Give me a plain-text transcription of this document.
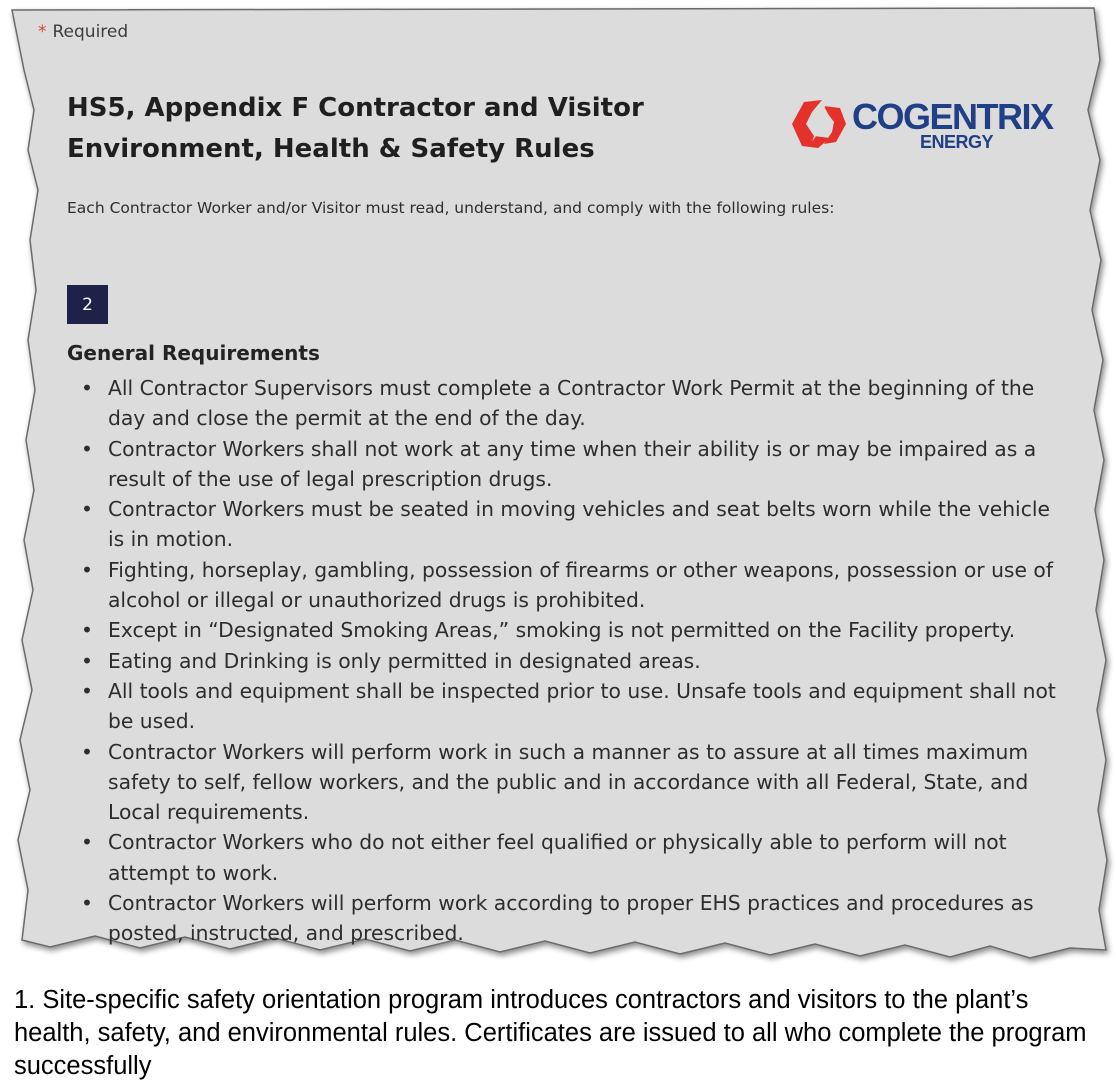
* Required
HS5, Appendix F Contractor and Visitor
Environment, Health & Safety Rules
COGENTRIX
ENERGY
Each Contractor Worker and/or Visitor must read, understand, and comply with the following rules:
2
General Requirements
• All Contractor Supervisors must complete a Contractor Work Permit at the beginning of the day and close the permit at the end of the day.
• Contractor Workers shall not work at any time when their ability is or may be impaired as a result of the use of legal prescription drugs.
• Contractor Workers must be seated in moving vehicles and seat belts worn while the vehicle is in motion.
• Fighting, horseplay, gambling, possession of firearms or other weapons, possession or use of alcohol or illegal or unauthorized drugs is prohibited.
• Except in “Designated Smoking Areas,” smoking is not permitted on the Facility property.
• Eating and Drinking is only permitted in designated areas.
• All tools and equipment shall be inspected prior to use. Unsafe tools and equipment shall not be used.
• Contractor Workers will perform work in such a manner as to assure at all times maximum safety to self, fellow workers, and the public and in accordance with all Federal, State, and Local requirements.
• Contractor Workers who do not either feel qualified or physically able to perform will not attempt to work.
• Contractor Workers will perform work according to proper EHS practices and procedures as posted, instructed, and prescribed.

1. Site-specific safety orientation program introduces contractors and visitors to the plant’s health, safety, and environmental rules. Certificates are issued to all who complete the program successfully
